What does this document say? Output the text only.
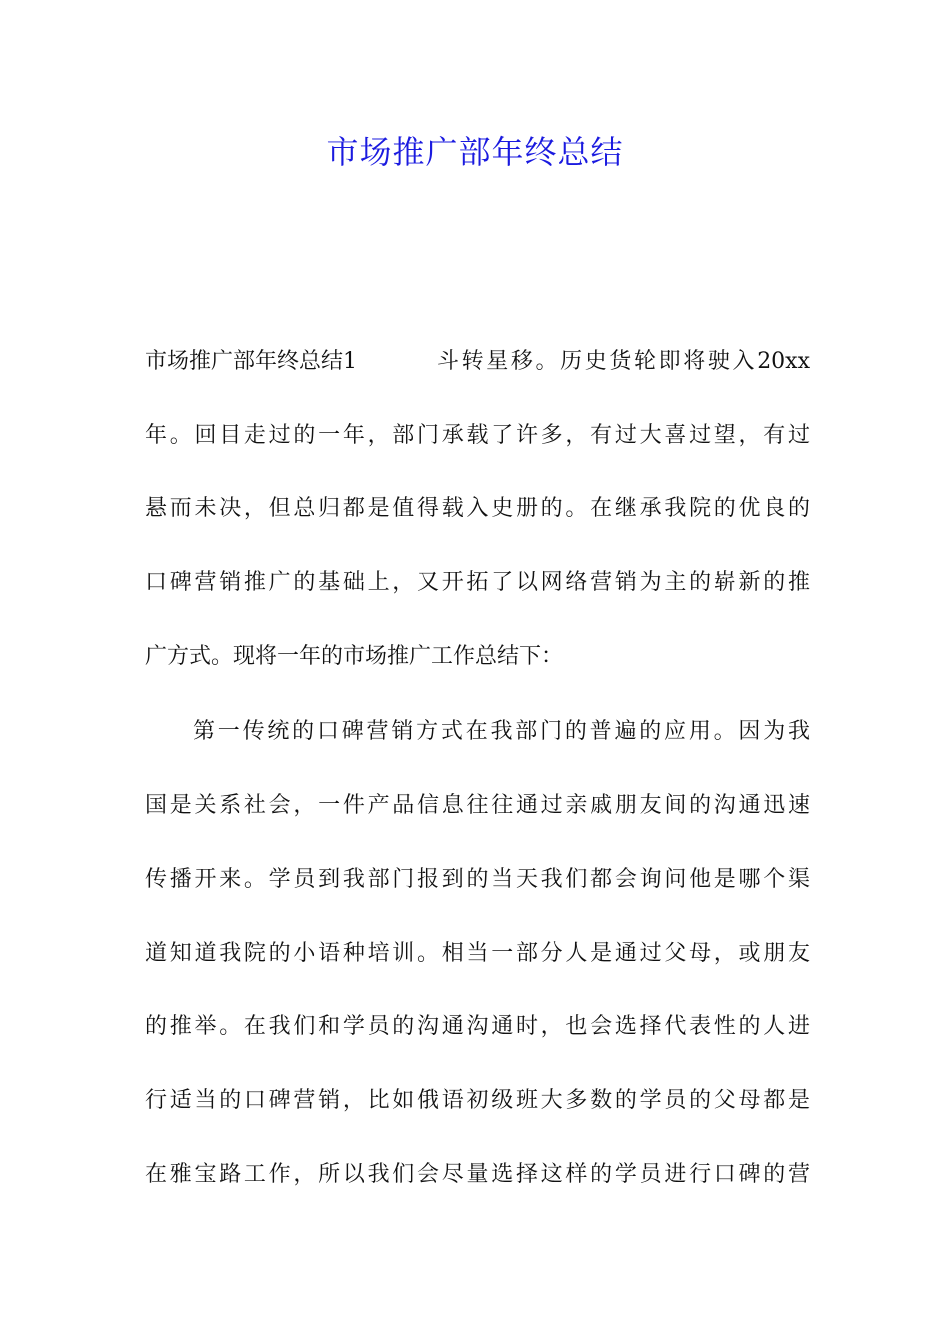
市场推广部年终总结
市场推广部年终总结1	斗转星移。历史货轮即将驶入20xx
年。回目走过的一年，部门承载了许多，有过大喜过望，有过
悬而未决，但总归都是值得载入史册的。在继承我院的优良的
口碑营销推广的基础上，又开拓了以网络营销为主的崭新的推
广方式。现将一年的市场推广工作总结下：
第一传统的口碑营销方式在我部门的普遍的应用。因为我
国是关系社会，一件产品信息往往通过亲戚朋友间的沟通迅速
传播开来。学员到我部门报到的当天我们都会询问他是哪个渠
道知道我院的小语种培训。相当一部分人是通过父母，或朋友
的推举。在我们和学员的沟通沟通时，也会选择代表性的人进
行适当的口碑营销，比如俄语初级班大多数的学员的父母都是
在雅宝路工作，所以我们会尽量选择这样的学员进行口碑的营
